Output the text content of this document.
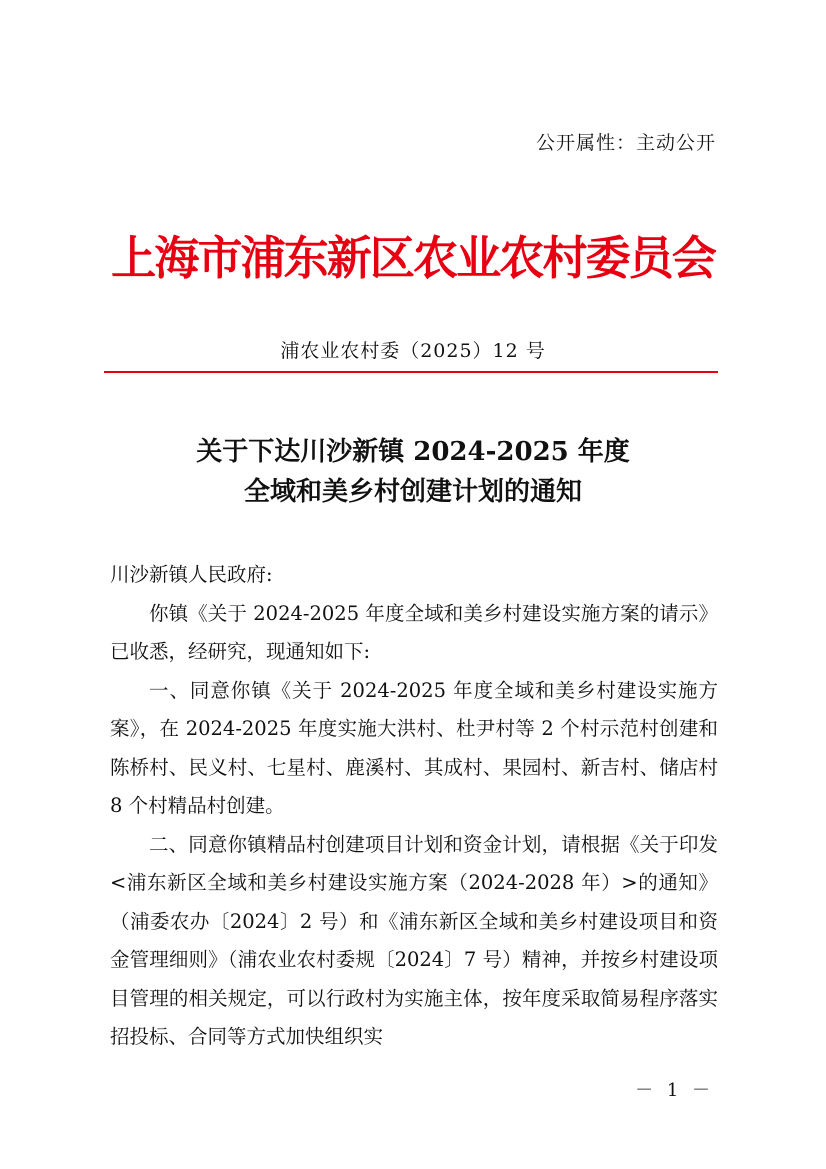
公开属性：主动公开
上海市浦东新区农业农村委员会
浦农业农村委（2025）12 号
关于下达川沙新镇 2024-2025 年度
全域和美乡村创建计划的通知

川沙新镇人民政府:

你镇《关于 2024-2025 年度全域和美乡村建设实施方案的请示》已收悉，经研究，现通知如下:

一、同意你镇《关于 2024-2025 年度全域和美乡村建设实施方案》，在 2024-2025 年度实施大洪村、杜尹村等 2 个村示范村创建和陈桥村、民义村、七星村、鹿溪村、其成村、果园村、新吉村、储店村 8 个村精品村创建。

二、同意你镇精品村创建项目计划和资金计划，请根据《关于印发<浦东新区全域和美乡村建设实施方案（2024-2028 年）>的通知》（浦委农办〔2024〕2 号）和《浦东新区全域和美乡村建设项目和资金管理细则》（浦农业农村委规〔2024〕7 号）精神，并按乡村建设项目管理的相关规定，可以行政村为实施主体，按年度采取简易程序落实招投标、合同等方式加快组织实

－ 1 －
